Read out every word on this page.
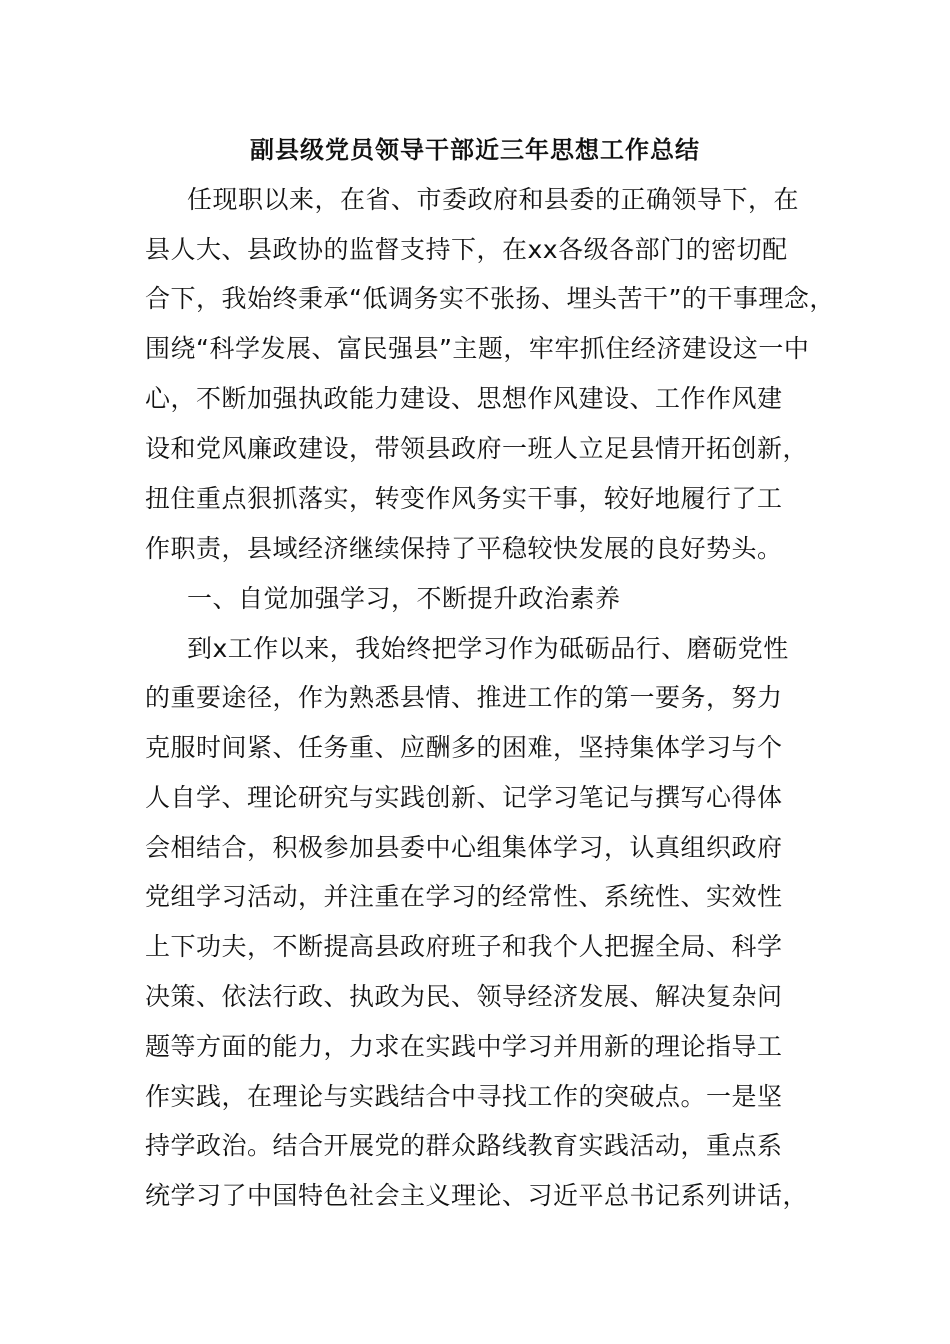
副县级党员领导干部近三年思想工作总结
任现职以来，在省、市委政府和县委的正确领导下，在
县人大、县政协的监督支持下，在xx各级各部门的密切配
合下，我始终秉承“低调务实不张扬、埋头苦干”的干事理念，
围绕“科学发展、富民强县”主题，牢牢抓住经济建设这一中
心，不断加强执政能力建设、思想作风建设、工作作风建
设和党风廉政建设，带领县政府一班人立足县情开拓创新，
扭住重点狠抓落实，转变作风务实干事，较好地履行了工
作职责，县域经济继续保持了平稳较快发展的良好势头。
一、自觉加强学习，不断提升政治素养
到x工作以来，我始终把学习作为砥砺品行、磨砺党性
的重要途径，作为熟悉县情、推进工作的第一要务，努力
克服时间紧、任务重、应酬多的困难，坚持集体学习与个
人自学、理论研究与实践创新、记学习笔记与撰写心得体
会相结合，积极参加县委中心组集体学习，认真组织政府
党组学习活动，并注重在学习的经常性、系统性、实效性
上下功夫，不断提高县政府班子和我个人把握全局、科学
决策、依法行政、执政为民、领导经济发展、解决复杂问
题等方面的能力，力求在实践中学习并用新的理论指导工
作实践，在理论与实践结合中寻找工作的突破点。一是坚
持学政治。结合开展党的群众路线教育实践活动，重点系
统学习了中国特色社会主义理论、习近平总书记系列讲话，
